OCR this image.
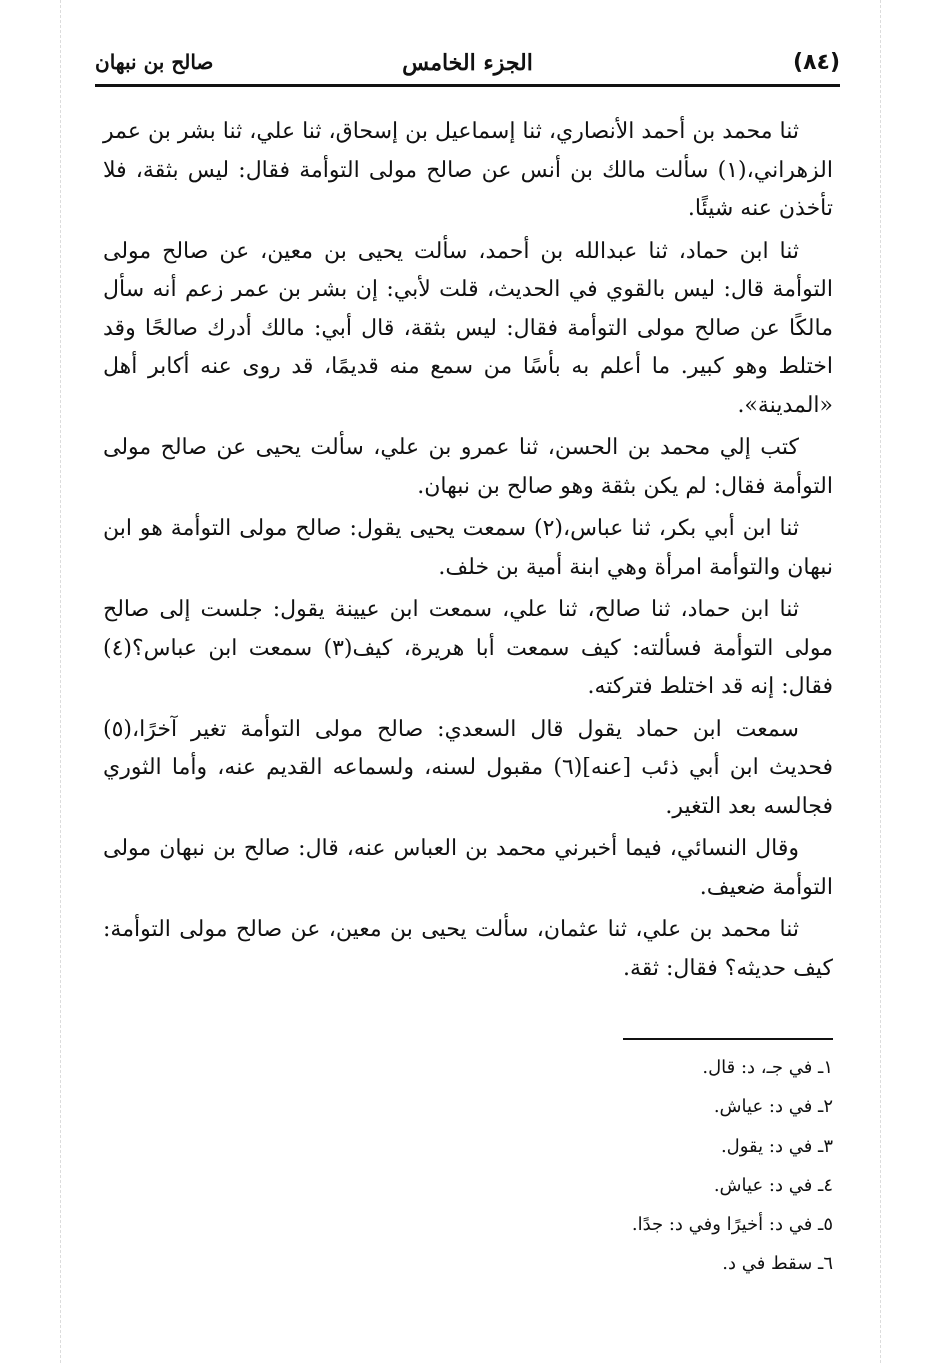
(٨٤)
الجزء الخامس
صالح بن نبهان

ثنا محمد بن أحمد الأنصاري، ثنا إسماعيل بن إسحاق، ثنا علي، ثنا بشر بن عمر الزهراني،(١) سألت مالك بن أنس عن صالح مولى التوأمة فقال: ليس بثقة، فلا تأخذن عنه شيئًا.

ثنا ابن حماد، ثنا عبدالله بن أحمد، سألت يحيى بن معين، عن صالح مولى التوأمة قال: ليس بالقوي في الحديث، قلت لأبي: إن بشر بن عمر زعم أنه سأل مالكًا عن صالح مولى التوأمة فقال: ليس بثقة، قال أبي: مالك أدرك صالحًا وقد اختلط وهو كبير. ما أعلم به بأسًا من سمع منه قديمًا، قد روى عنه أكابر أهل «المدينة».

كتب إلي محمد بن الحسن، ثنا عمرو بن علي، سألت يحيى عن صالح مولى التوأمة فقال: لم يكن بثقة وهو صالح بن نبهان.

ثنا ابن أبي بكر، ثنا عباس،(٢) سمعت يحيى يقول: صالح مولى التوأمة هو ابن نبهان والتوأمة امرأة وهي ابنة أمية بن خلف.

ثنا ابن حماد، ثنا صالح، ثنا علي، سمعت ابن عيينة يقول: جلست إلى صالح مولى التوأمة فسألته: كيف سمعت أبا هريرة، كيف(٣) سمعت ابن عباس؟(٤) فقال: إنه قد اختلط فتركته.

سمعت ابن حماد يقول قال السعدي: صالح مولى التوأمة تغير آخرًا،(٥) فحديث ابن أبي ذئب [عنه](٦) مقبول لسنه، ولسماعه القديم عنه، وأما الثوري فجالسه بعد التغير.

وقال النسائي، فيما أخبرني محمد بن العباس عنه، قال: صالح بن نبهان مولى التوأمة ضعيف.

ثنا محمد بن علي، ثنا عثمان، سألت يحيى بن معين، عن صالح مولى التوأمة: كيف حديثه؟ فقال: ثقة.

١ـ في جـ، د: قال.
٢ـ في د: عياش.
٣ـ في د: يقول.
٤ـ في د: عياش.
٥ـ في د: أخيرًا وفي د: جدًا.
٦ـ سقط في د.
